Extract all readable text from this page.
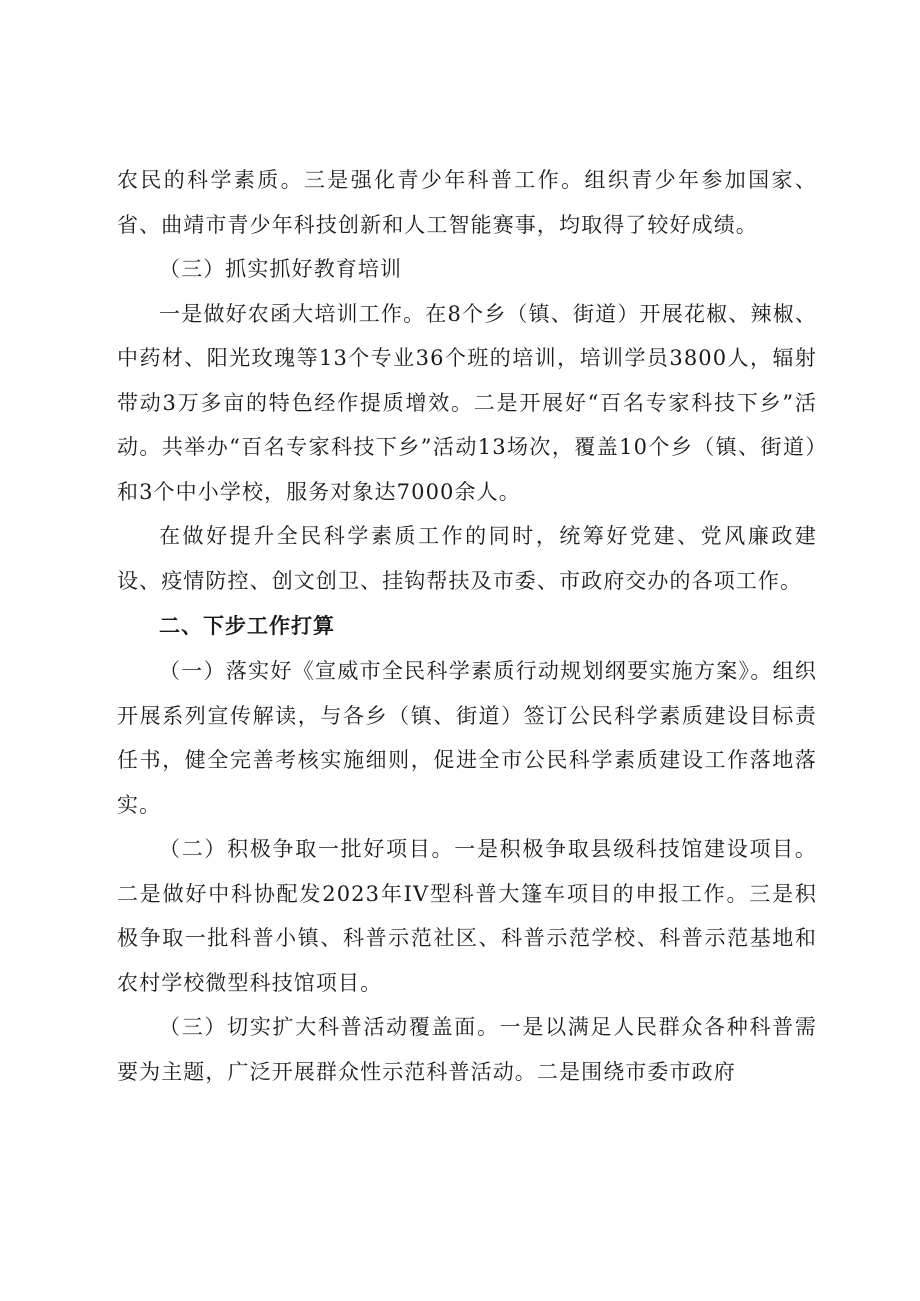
农民的科学素质。三是强化青少年科普工作。组织青少年参加国家、省、曲靖市青少年科技创新和人工智能赛事，均取得了较好成绩。

（三）抓实抓好教育培训

一是做好农函大培训工作。在8个乡（镇、街道）开展花椒、辣椒、中药材、阳光玫瑰等13个专业36个班的培训，培训学员3800人，辐射带动3万多亩的特色经作提质增效。二是开展好“百名专家科技下乡”活动。共举办“百名专家科技下乡”活动13场次，覆盖10个乡（镇、街道）和3个中小学校，服务对象达7000余人。

在做好提升全民科学素质工作的同时，统筹好党建、党风廉政建设、疫情防控、创文创卫、挂钩帮扶及市委、市政府交办的各项工作。

二、下步工作打算

（一）落实好《宣威市全民科学素质行动规划纲要实施方案》。组织开展系列宣传解读，与各乡（镇、街道）签订公民科学素质建设目标责任书，健全完善考核实施细则，促进全市公民科学素质建设工作落地落实。

（二）积极争取一批好项目。一是积极争取县级科技馆建设项目。二是做好中科协配发2023年IV型科普大篷车项目的申报工作。三是积极争取一批科普小镇、科普示范社区、科普示范学校、科普示范基地和农村学校微型科技馆项目。

（三）切实扩大科普活动覆盖面。一是以满足人民群众各种科普需要为主题，广泛开展群众性示范科普活动。二是围绕市委市政府
